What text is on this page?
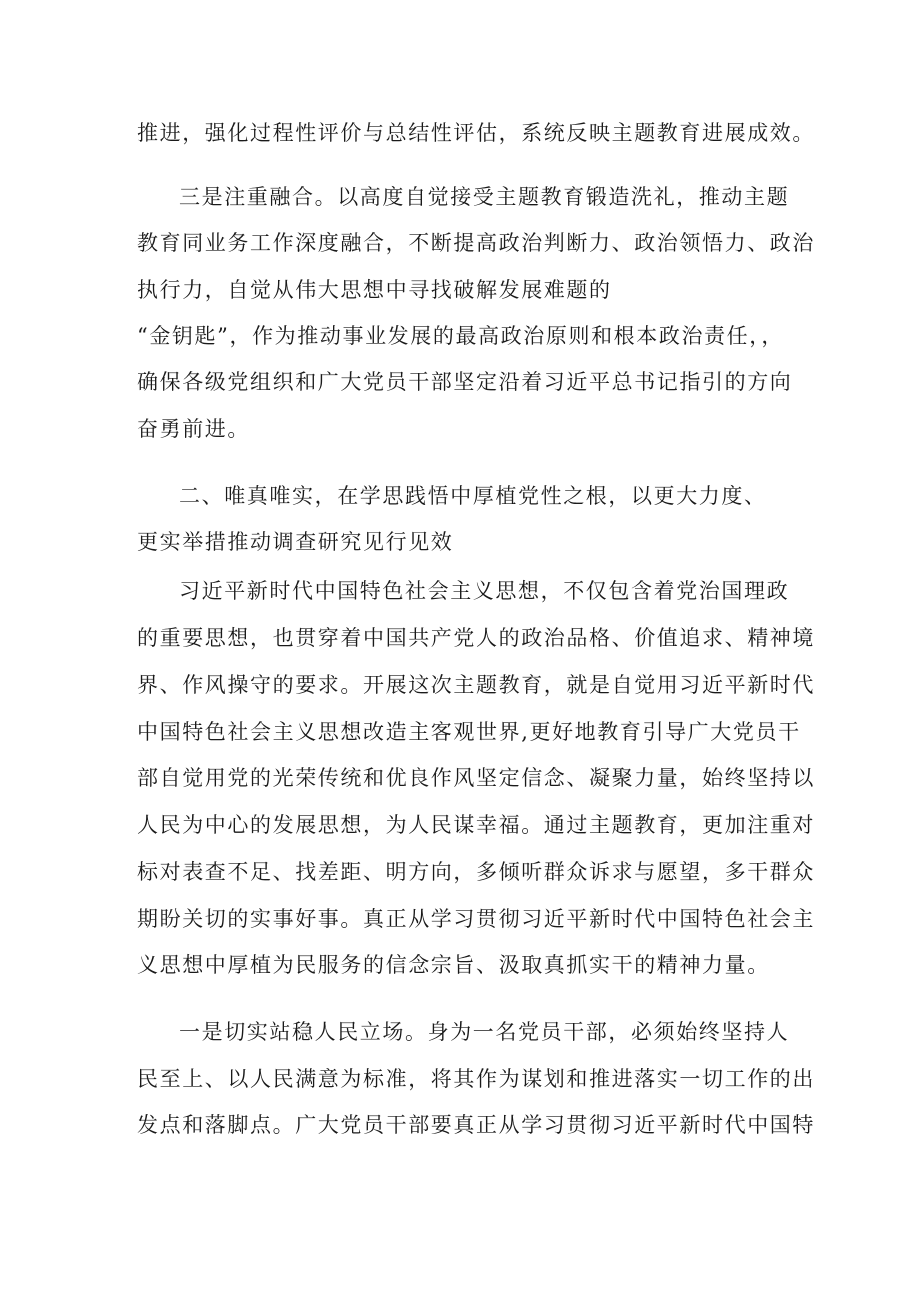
推进，强化过程性评价与总结性评估，系统反映主题教育进展成效。
三是注重融合。以高度自觉接受主题教育锻造洗礼，推动主题
教育同业务工作深度融合，不断提高政治判断力、政治领悟力、政治
执行力，自觉从伟大思想中寻找破解发展难题的
“金钥匙”，作为推动事业发展的最高政治原则和根本政治责任，，
确保各级党组织和广大党员干部坚定沿着习近平总书记指引的方向
奋勇前进。
二、唯真唯实，在学思践悟中厚植党性之根，以更大力度、
更实举措推动调查研究见行见效
习近平新时代中国特色社会主义思想，不仅包含着党治国理政
的重要思想，也贯穿着中国共产党人的政治品格、价值追求、精神境
界、作风操守的要求。开展这次主题教育，就是自觉用习近平新时代
中国特色社会主义思想改造主客观世界,更好地教育引导广大党员干
部自觉用党的光荣传统和优良作风坚定信念、凝聚力量，始终坚持以
人民为中心的发展思想，为人民谋幸福。通过主题教育，更加注重对
标对表查不足、找差距、明方向，多倾听群众诉求与愿望，多干群众
期盼关切的实事好事。真正从学习贯彻习近平新时代中国特色社会主
义思想中厚植为民服务的信念宗旨、汲取真抓实干的精神力量。
一是切实站稳人民立场。身为一名党员干部，必须始终坚持人
民至上、以人民满意为标准，将其作为谋划和推进落实一切工作的出
发点和落脚点。广大党员干部要真正从学习贯彻习近平新时代中国特
